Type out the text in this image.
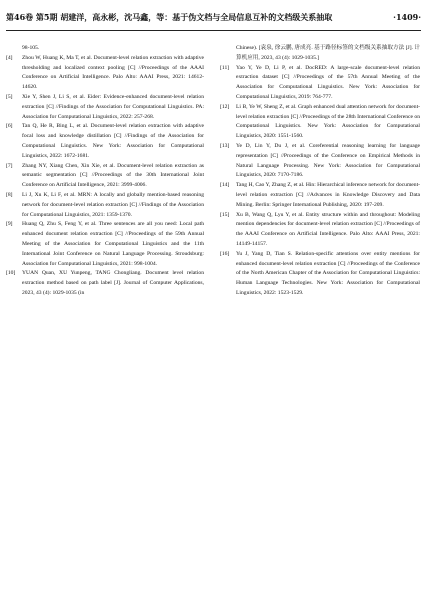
第46卷 第5期 胡建洋，高永彬，沈马鑫，等：基于伪文档与全局信息互补的文档级关系抽取	·1409·
98-105.
[4]	Zhou W, Huang K, Ma T, et al. Document-level relation extraction with adaptive thresholding and localized context pooling [C] //Proceedings of the AAAI Conference on Artificial Intelligence. Palo Alto: AAAI Press, 2021: 14612-14620.
[5]	Xie Y, Shen J, Li S, et al. Eider: Evidence-enhanced document-level relation extraction [C] //Findings of the Association for Computational Linguistics. PA: Association for Computational Linguistics, 2022: 257-268.
[6]	Tan Q, He R, Bing L, et al. Document-level relation extraction with adaptive focal loss and knowledge distillation [C] //Findings of the Association for Computational Linguistics. New York: Association for Computational Linguistics, 2022: 1672-1681.
[7]	Zhang NY, Xiang Chen, Xin Xie, et al. Document-level relation extraction as semantic segmentation [C] //Proceedings of the 30th International Joint Conference on Artificial Intelligence, 2021: 3999-4006.
[8]	Li J, Xu K, Li F, et al. MRN: A locally and globally mention-based reasoning network for document-level relation extraction [C] //Findings of the Association for Computational Linguistics, 2021: 1359-1370.
[9]	Huang Q, Zhu S, Feng Y, et al. Three sentences are all you need: Local path enhanced document relation extraction [C] //Proceedings of the 59th Annual Meeting of the Association for Computational Linguistics and the 11th International Joint Conference on Natural Language Processing. Stroudsburg: Association for Computational Linguistics, 2021: 998-1004.
[10]	YUAN Quan, XU Yunpeng, TANG Chongliang. Document level relation extraction method based on path label [J]. Journal of Computer Applications, 2023, 43 (4): 1029-1035 (in
Chinese). [袁泉, 徐云鹏, 唐成亮. 基于路径标签的文档级关系抽取方法 [J]. 计算机应用, 2023, 43 (4): 1029-1035.]
[11]	Yao Y, Ye D, Li P, et al. DocRED: A large-scale document-level relation extraction dataset [C] //Proceedings of the 57th Annual Meeting of the Association for Computational Linguistics. New York: Association for Computational Linguistics, 2019: 764-777.
[12]	Li B, Ye W, Sheng Z, et al. Graph enhanced dual attention network for document-level relation extraction [C] //Proceedings of the 28th International Conference on Computational Linguistics. New York: Association for Computational Linguistics, 2020: 1551-1560.
[13]	Ye D, Lin Y, Du J, et al. Coreferential reasoning learning for language representation [C] //Proceedings of the Conference on Empirical Methods in Natural Language Processing. New York: Association for Computational Linguistics, 2020: 7170-7186.
[14]	Tang H, Cao Y, Zhang Z, et al. Hin: Hierarchical inference network for document-level relation extraction [C] //Advances in Knowledge Discovery and Data Mining. Berlin: Springer International Publishing, 2020: 197-209.
[15]	Xu B, Wang Q, Lyu Y, et al. Entity structure within and throughout: Modeling mention dependencies for document-level relation extraction [C] //Proceedings of the AAAI Conference on Artificial Intelligence. Palo Alto: AAAI Press, 2021: 14149-14157.
[16]	Yu J, Yang D, Tian S. Relation-specific attentions over entity mentions for enhanced document-level relation extraction [C] //Proceedings of the Conference of the North American Chapter of the Association for Computational Linguistics: Human Language Technologies. New York: Association for Computational Linguistics, 2022: 1523-1529.
